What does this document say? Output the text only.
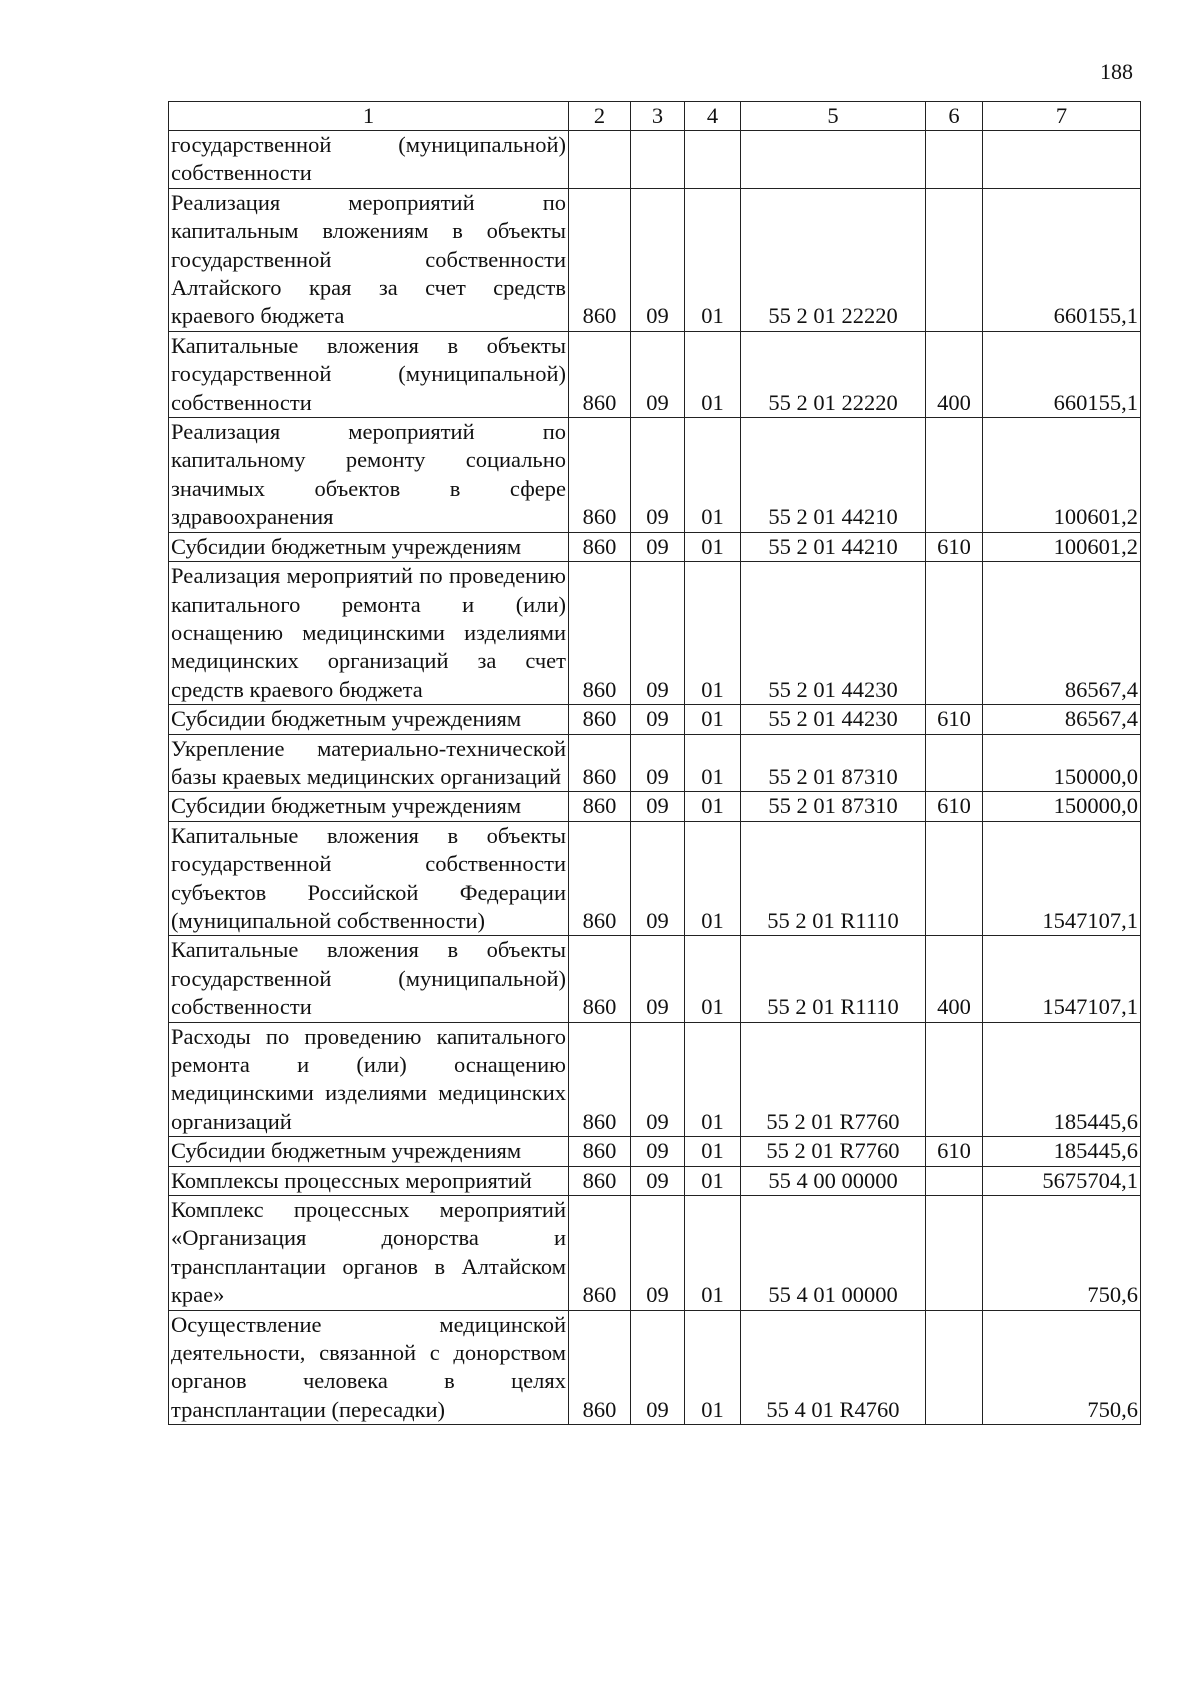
188
1	2	3	4	5	6	7
государственной (муниципальной) собственности						
Реализация мероприятий по капитальным вложениям в объекты государственной собственности Алтайского края за счет средств краевого бюджета	860	09	01	55 2 01 22220		660155,1
Капитальные вложения в объекты государственной (муниципальной) собственности	860	09	01	55 2 01 22220	400	660155,1
Реализация мероприятий по капитальному ремонту социально значимых объектов в сфере здравоохранения	860	09	01	55 2 01 44210		100601,2
Субсидии бюджетным учреждениям	860	09	01	55 2 01 44210	610	100601,2
Реализация мероприятий по проведению капитального ремонта и (или) оснащению медицинскими изделиями медицинских организаций за счет средств краевого бюджета	860	09	01	55 2 01 44230		86567,4
Субсидии бюджетным учреждениям	860	09	01	55 2 01 44230	610	86567,4
Укрепление материально-технической базы краевых медицинских организаций	860	09	01	55 2 01 87310		150000,0
Субсидии бюджетным учреждениям	860	09	01	55 2 01 87310	610	150000,0
Капитальные вложения в объекты государственной собственности субъектов Российской Федерации (муниципальной собственности)	860	09	01	55 2 01 R1110		1547107,1
Капитальные вложения в объекты государственной (муниципальной) собственности	860	09	01	55 2 01 R1110	400	1547107,1
Расходы по проведению капитального ремонта и (или) оснащению медицинскими изделиями медицинских организаций	860	09	01	55 2 01 R7760		185445,6
Субсидии бюджетным учреждениям	860	09	01	55 2 01 R7760	610	185445,6
Комплексы процессных мероприятий	860	09	01	55 4 00 00000		5675704,1
Комплекс процессных мероприятий «Организация донорства и трансплантации органов в Алтайском крае»	860	09	01	55 4 01 00000		750,6
Осуществление медицинской деятельности, связанной с донорством органов человека в целях трансплантации (пересадки)	860	09	01	55 4 01 R4760		750,6
